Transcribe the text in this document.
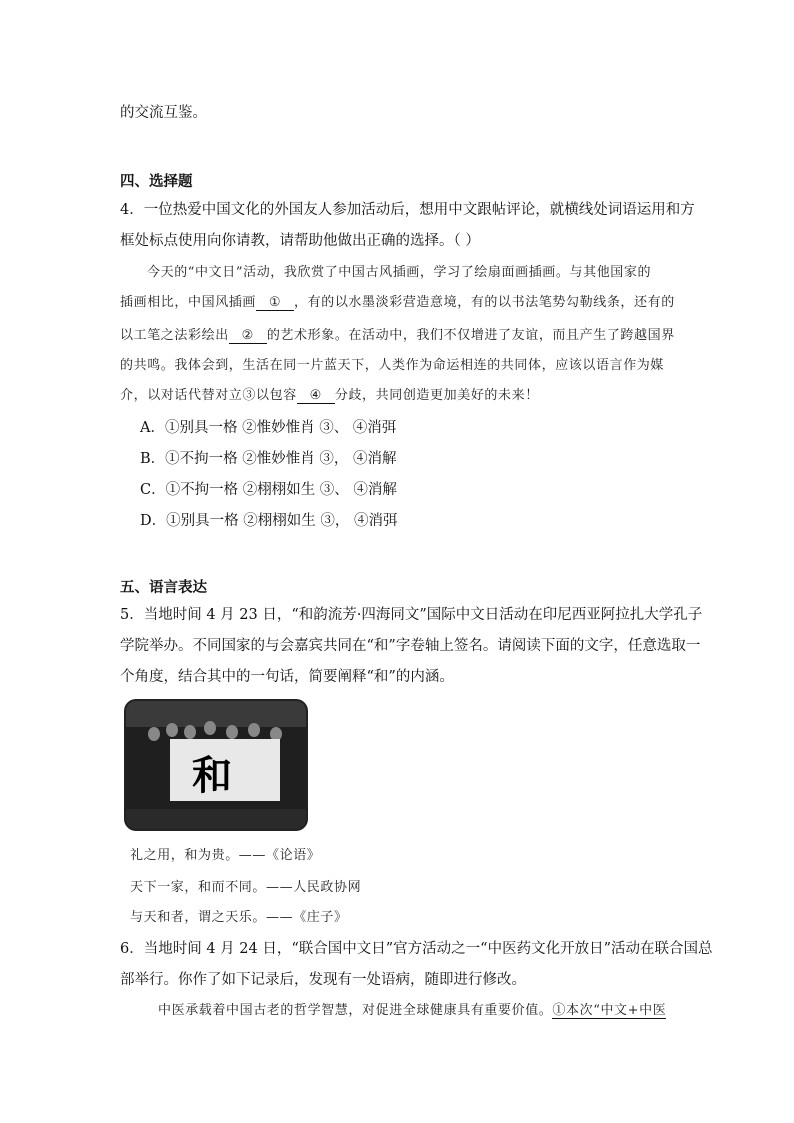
的交流互鉴。
四、选择题
4．一位热爱中国文化的外国友人参加活动后，想用中文跟帖评论，就横线处词语运用和方
框处标点使用向你请教，请帮助他做出正确的选择。（ ）
今天的“中文日”活动，我欣赏了中国古风插画，学习了绘扇面画插画。与其他国家的
插画相比，中国风插画 ① ，有的以水墨淡彩营造意境，有的以书法笔势勾勒线条，还有的
以工笔之法彩绘出 ② 的艺术形象。在活动中，我们不仅增进了友谊，而且产生了跨越国界
的共鸣。我体会到，生活在同一片蓝天下，人类作为命运相连的共同体，应该以语言作为媒
介，以对话代替对立③以包容 ④ 分歧，共同创造更加美好的未来！
A．①别具一格 ②惟妙惟肖 ③、 ④消弭
B．①不拘一格 ②惟妙惟肖 ③， ④消解
C．①不拘一格 ②栩栩如生 ③、 ④消解
D．①别具一格 ②栩栩如生 ③， ④消弭
五、语言表达
5．当地时间 4 月 23 日，“和韵流芳·四海同文”国际中文日活动在印尼西亚阿拉扎大学孔子
学院举办。不同国家的与会嘉宾共同在“和”字卷轴上签名。请阅读下面的文字，任意选取一
个角度，结合其中的一句话，简要阐释“和”的内涵。
和
礼之用，和为贵。——《论语》
天下一家，和而不同。——人民政协网
与天和者，谓之天乐。——《庄子》
6．当地时间 4 月 24 日，“联合国中文日”官方活动之一“中医药文化开放日”活动在联合国总
部举行。你作了如下记录后，发现有一处语病，随即进行修改。
中医承载着中国古老的哲学智慧，对促进全球健康具有重要价值。①本次“中文+中医
